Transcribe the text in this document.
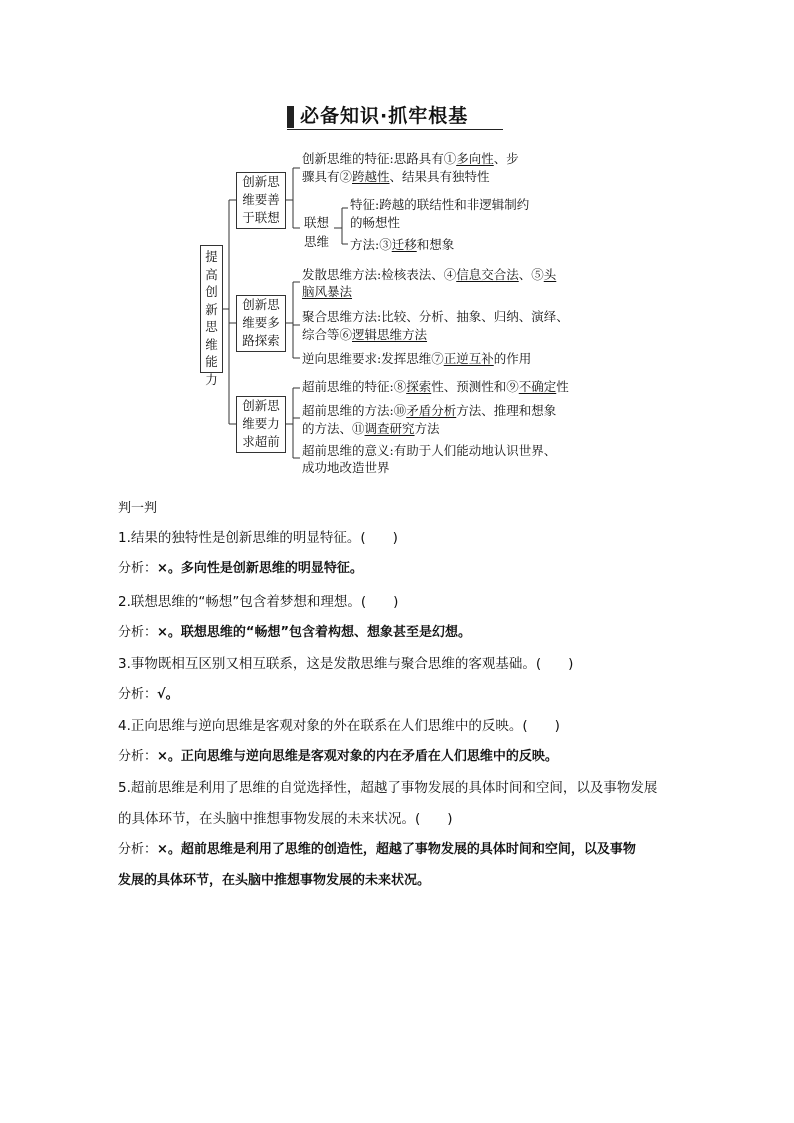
必备知识·抓牢根基
提
高
创
新
思
维
能
力
创新思
维要善
于联想
创新思
维要多
路探索
创新思
维要力
求超前
创新思维的特征:思路具有①多向性、步
骤具有②跨越性、结果具有独特性
联想
思维
特征:跨越的联结性和非逻辑制约
的畅想性
方法:③迁移和想象
发散思维方法:检核表法、④信息交合法、⑤头
脑风暴法
聚合思维方法:比较、分析、抽象、归纳、演绎、
综合等⑥逻辑思维方法
逆向思维要求:发挥思维⑦正逆互补的作用
超前思维的特征:⑧探索性、预测性和⑨不确定性
超前思维的方法:⑩矛盾分析方法、推理和想象
的方法、⑪调查研究方法
超前思维的意义:有助于人们能动地认识世界、
成功地改造世界
判一判
1.结果的独特性是创新思维的明显特征。(　　)
分析：×。多向性是创新思维的明显特征。
2.联想思维的“畅想”包含着梦想和理想。(　　)
分析：×。联想思维的“畅想”包含着构想、想象甚至是幻想。
3.事物既相互区别又相互联系，这是发散思维与聚合思维的客观基础。(　　)
分析：√。
4.正向思维与逆向思维是客观对象的外在联系在人们思维中的反映。(　　)
分析：×。正向思维与逆向思维是客观对象的内在矛盾在人们思维中的反映。
5.超前思维是利用了思维的自觉选择性，超越了事物发展的具体时间和空间，以及事物发展
的具体环节，在头脑中推想事物发展的未来状况。(　　)
分析：×。超前思维是利用了思维的创造性，超越了事物发展的具体时间和空间，以及事物
发展的具体环节，在头脑中推想事物发展的未来状况。
